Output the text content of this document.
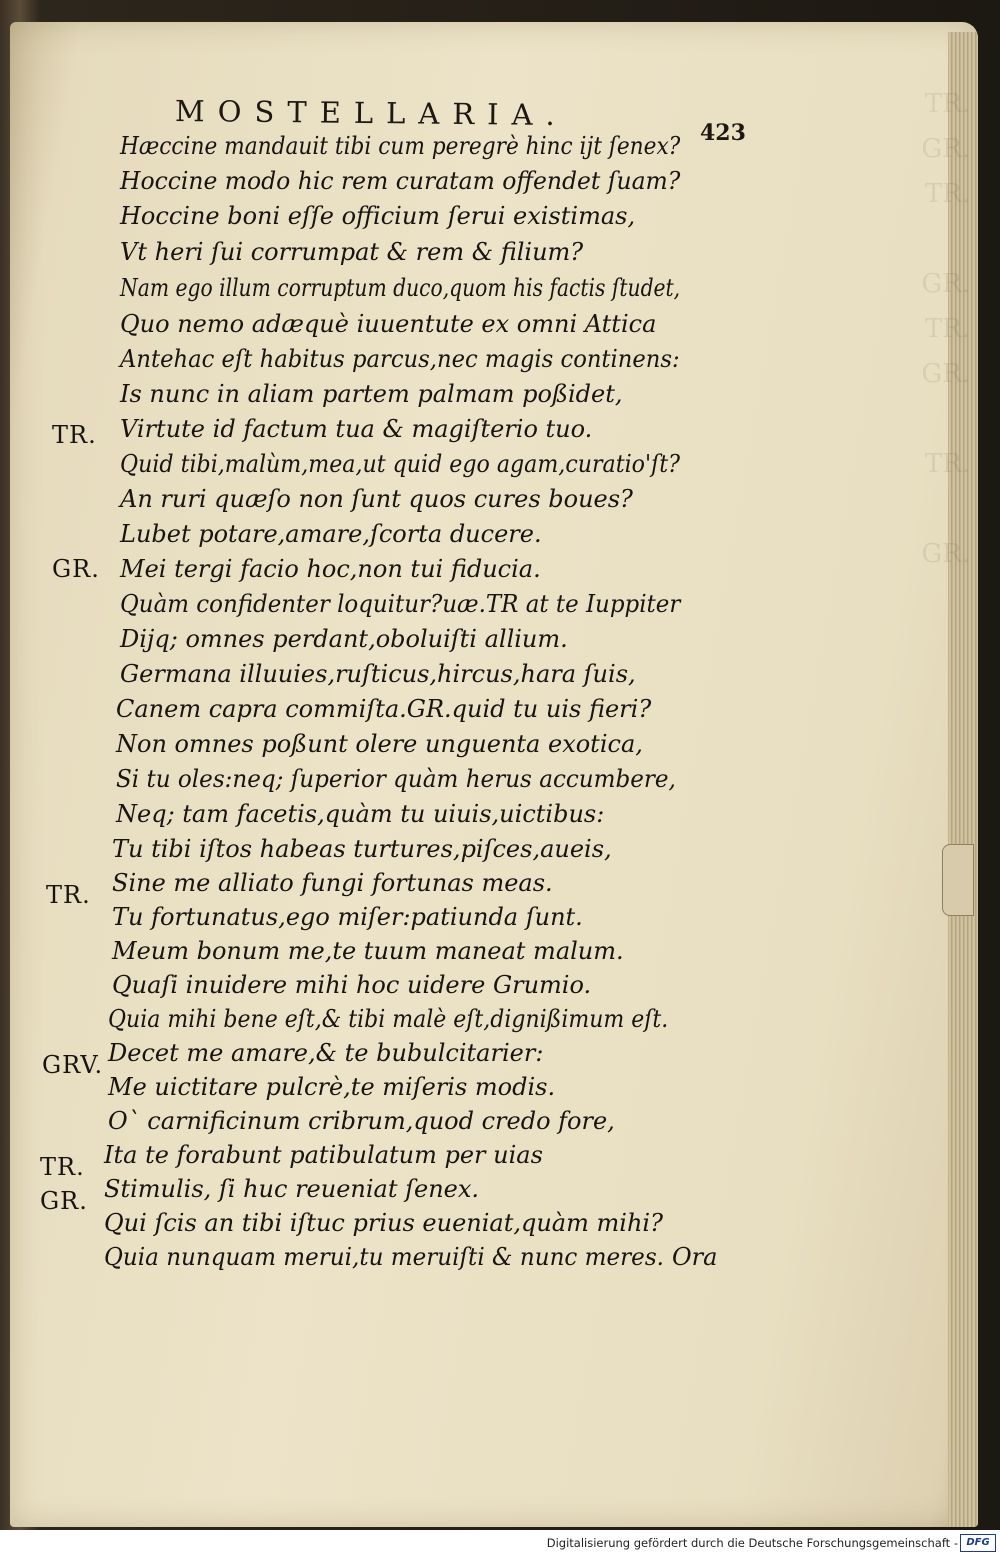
TR.
GR.
TR.

GR.
TR.
GR.

TR.

GR.
MOSTELLARIA.
423
Hæccine mandauit tibi cum peregrè hinc ijt ſenex?
Hoccine modo hic rem curatam offendet ſuam?
Hoccine boni eſſe officium ſerui existimas,
Vt heri ſui corrumpat & rem & filium?
Nam ego illum corruptum duco,quom his factis ſtudet,
Quo nemo adæquè iuuentute ex omni Attica
Antehac eſt habitus parcus,nec magis continens:
Is nunc in aliam partem palmam poßidet,
Virtute id factum tua & magiſterio tuo.
Quid tibi,malùm,mea,ut quid ego agam,curatio'ſt?
An ruri quæſo non ſunt quos cures boues?
Lubet potare,amare,ſcorta ducere.
Mei tergi facio hoc,non tui fiducia.
Quàm confidenter loquitur?uæ.TR at te Iuppiter
Dijq; omnes perdant,oboluiſti allium.
Germana illuuies,ruſticus,hircus,hara ſuis,
Canem capra commiſta.GR.quid tu uis fieri?
Non omnes poßunt olere unguenta exotica,
Si tu oles:neq; ſuperior quàm herus accumbere,
Neq; tam facetis,quàm tu uiuis,uictibus:
Tu tibi iſtos habeas turtures,piſces,aueis,
Sine me alliato fungi fortunas meas.
Tu fortunatus,ego miſer:patiunda ſunt.
Meum bonum me,te tuum maneat malum.
Quaſi inuidere mihi hoc uidere Grumio.
Quia mihi bene eſt,& tibi malè eſt,dignißimum eſt.
Decet me amare,& te bubulcitarier:
Me uictitare pulcrè,te miſeris modis.
O` carnificinum cribrum,quod credo fore,
Ita te forabunt patibulatum per uias
Stimulis, ſi huc reueniat ſenex.
Qui ſcis an tibi iſtuc prius eueniat,quàm mihi?
Quia nunquam merui,tu meruiſti & nunc meres.
TR.
GR.
TR.
GRV.
TR.
GR.
Ora
Digitalisierung gefördert durch die Deutsche Forschungsgemeinschaft - DFG
